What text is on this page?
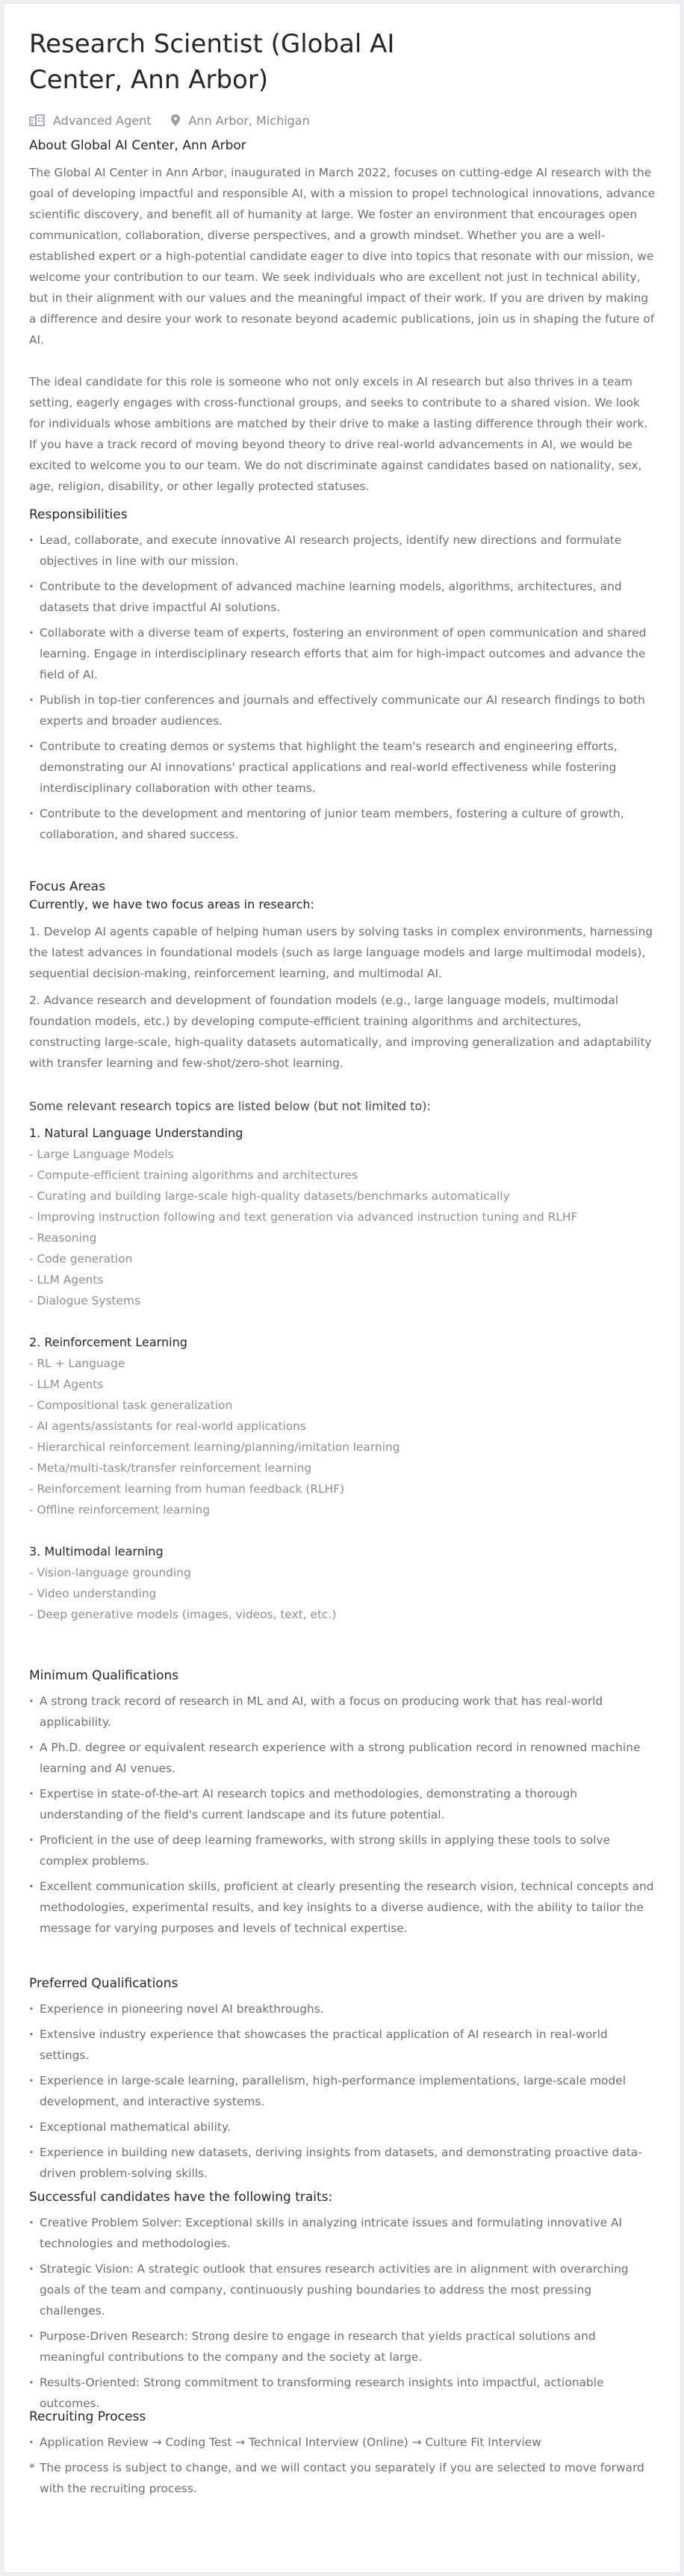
Research Scientist (Global AI Center, Ann Arbor)
Advanced Agent	Ann Arbor, Michigan
About Global AI Center, Ann Arbor

The Global AI Center in Ann Arbor, inaugurated in March 2022, focuses on cutting-edge AI research with the goal of developing impactful and responsible AI, with a mission to propel technological innovations, advance scientific discovery, and benefit all of humanity at large. We foster an environment that encourages open communication, collaboration, diverse perspectives, and a growth mindset. Whether you are a well-established expert or a high-potential candidate eager to dive into topics that resonate with our mission, we welcome your contribution to our team. We seek individuals who are excellent not just in technical ability, but in their alignment with our values and the meaningful impact of their work. If you are driven by making a difference and desire your work to resonate beyond academic publications, join us in shaping the future of AI.

The ideal candidate for this role is someone who not only excels in AI research but also thrives in a team setting, eagerly engages with cross-functional groups, and seeks to contribute to a shared vision. We look for individuals whose ambitions are matched by their drive to make a lasting difference through their work. If you have a track record of moving beyond theory to drive real-world advancements in AI, we would be excited to welcome you to our team. We do not discriminate against candidates based on nationality, sex, age, religion, disability, or other legally protected statuses.

Responsibilities
· Lead, collaborate, and execute innovative AI research projects, identify new directions and formulate objectives in line with our mission.
· Contribute to the development of advanced machine learning models, algorithms, architectures, and datasets that drive impactful AI solutions.
· Collaborate with a diverse team of experts, fostering an environment of open communication and shared learning. Engage in interdisciplinary research efforts that aim for high-impact outcomes and advance the field of AI.
· Publish in top-tier conferences and journals and effectively communicate our AI research findings to both experts and broader audiences.
· Contribute to creating demos or systems that highlight the team's research and engineering efforts, demonstrating our AI innovations' practical applications and real-world effectiveness while fostering interdisciplinary collaboration with other teams.
· Contribute to the development and mentoring of junior team members, fostering a culture of growth, collaboration, and shared success.
Focus Areas

Currently, we have two focus areas in research:

1. Develop AI agents capable of helping human users by solving tasks in complex environments, harnessing the latest advances in foundational models (such as large language models and large multimodal models), sequential decision-making, reinforcement learning, and multimodal AI.

2. Advance research and development of foundation models (e.g., large language models, multimodal foundation models, etc.) by developing compute-efficient training algorithms and architectures, constructing large-scale, high-quality datasets automatically, and improving generalization and adaptability with transfer learning and few-shot/zero-shot learning.

Some relevant research topics are listed below (but not limited to):

1. Natural Language Understanding

- Large Language Models
- Compute-efficient training algorithms and architectures
- Curating and building large-scale high-quality datasets/benchmarks automatically
- Improving instruction following and text generation via advanced instruction tuning and RLHF
- Reasoning
- Code generation
- LLM Agents
- Dialogue Systems

2. Reinforcement Learning

- RL + Language
- LLM Agents
- Compositional task generalization
- AI agents/assistants for real-world applications
- Hierarchical reinforcement learning/planning/imitation learning
- Meta/multi-task/transfer reinforcement learning
- Reinforcement learning from human feedback (RLHF)
- Offline reinforcement learning

3. Multimodal learning

- Vision-language grounding
- Video understanding
- Deep generative models (images, videos, text, etc.)
Minimum Qualifications
· A strong track record of research in ML and AI, with a focus on producing work that has real-world applicability.
· A Ph.D. degree or equivalent research experience with a strong publication record in renowned machine learning and AI venues.
· Expertise in state-of-the-art AI research topics and methodologies, demonstrating a thorough understanding of the field's current landscape and its future potential.
· Proficient in the use of deep learning frameworks, with strong skills in applying these tools to solve complex problems.
· Excellent communication skills, proficient at clearly presenting the research vision, technical concepts and methodologies, experimental results, and key insights to a diverse audience, with the ability to tailor the message for varying purposes and levels of technical expertise.
Preferred Qualifications
· Experience in pioneering novel AI breakthroughs.
· Extensive industry experience that showcases the practical application of AI research in real-world settings.
· Experience in large-scale learning, parallelism, high-performance implementations, large-scale model development, and interactive systems.
· Exceptional mathematical ability.
· Experience in building new datasets, deriving insights from datasets, and demonstrating proactive data-driven problem-solving skills.
Successful candidates have the following traits:
· Creative Problem Solver: Exceptional skills in analyzing intricate issues and formulating innovative AI technologies and methodologies.
· Strategic Vision: A strategic outlook that ensures research activities are in alignment with overarching goals of the team and company, continuously pushing boundaries to address the most pressing challenges.
· Purpose-Driven Research: Strong desire to engage in research that yields practical solutions and meaningful contributions to the company and the society at large.
· Results-Oriented: Strong commitment to transforming research insights into impactful, actionable outcomes.
Recruiting Process
· Application Review → Coding Test → Technical Interview (Online) → Culture Fit Interview
* The process is subject to change, and we will contact you separately if you are selected to move forward with the recruiting process.
